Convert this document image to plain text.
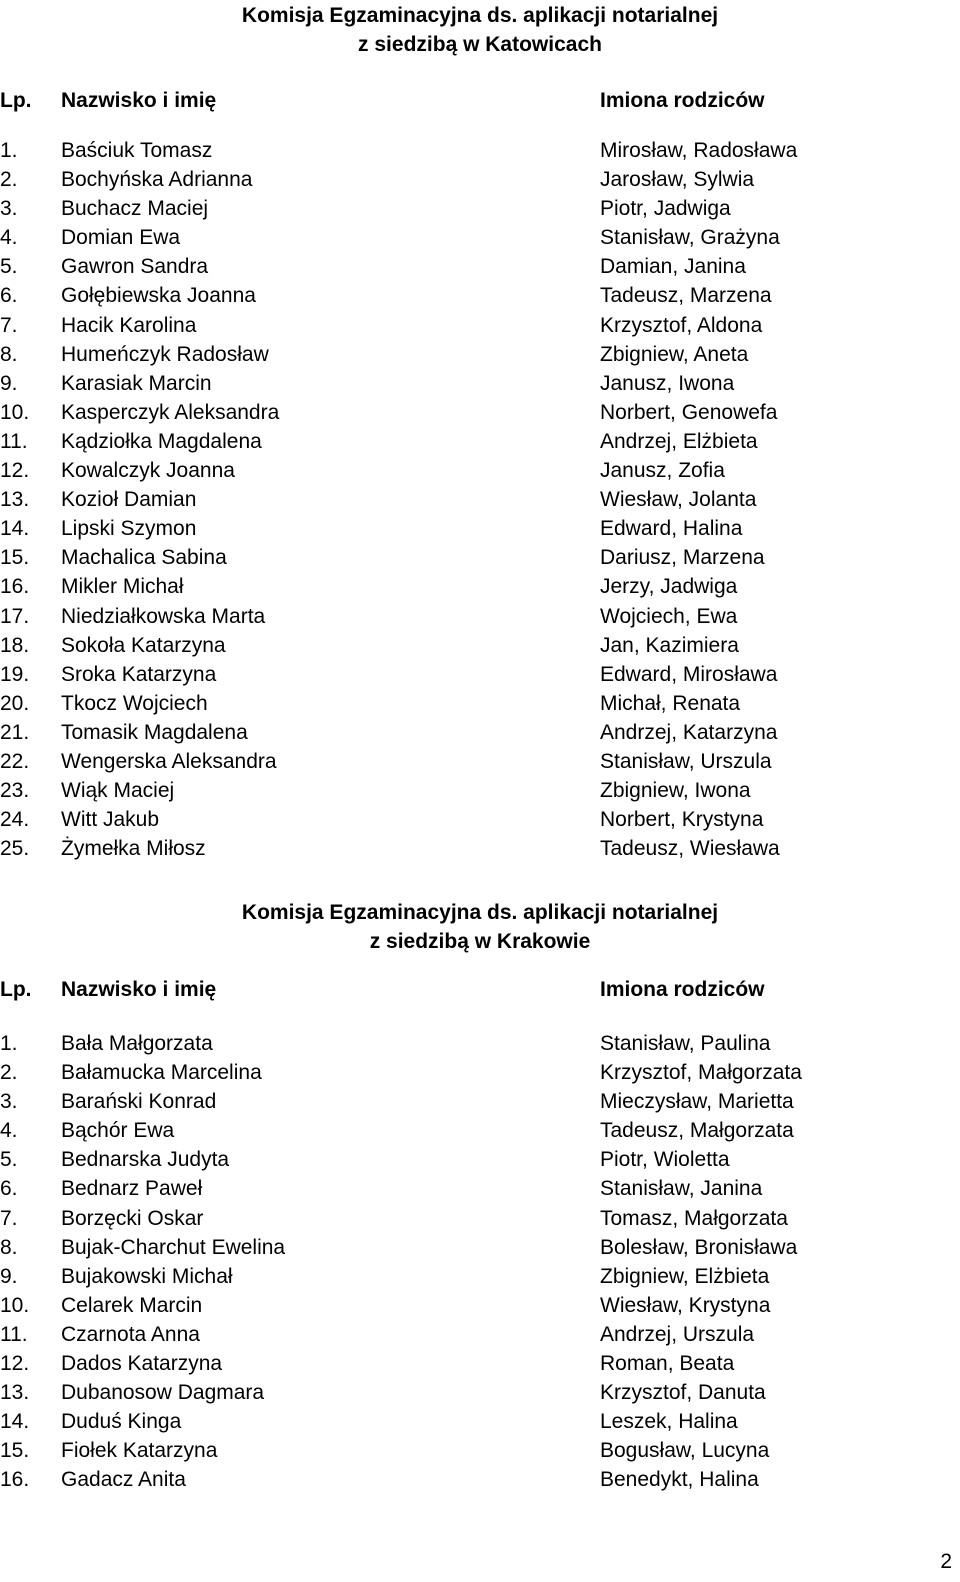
Komisja Egzaminacyjna ds. aplikacji notarialnej
z siedzibą w Katowicach
Lp.	Nazwisko i imię	Imiona rodziców
1.	Baściuk Tomasz	Mirosław, Radosława
2.	Bochyńska Adrianna	Jarosław, Sylwia
3.	Buchacz Maciej	Piotr, Jadwiga
4.	Domian Ewa	Stanisław, Grażyna
5.	Gawron Sandra	Damian, Janina
6.	Gołębiewska Joanna	Tadeusz, Marzena
7.	Hacik Karolina	Krzysztof, Aldona
8.	Humeńczyk Radosław	Zbigniew, Aneta
9.	Karasiak Marcin	Janusz, Iwona
10.	Kasperczyk Aleksandra	Norbert, Genowefa
11.	Kądziołka Magdalena	Andrzej, Elżbieta
12.	Kowalczyk Joanna	Janusz, Zofia
13.	Kozioł Damian	Wiesław, Jolanta
14.	Lipski Szymon	Edward, Halina
15.	Machalica Sabina	Dariusz, Marzena
16.	Mikler Michał	Jerzy, Jadwiga
17.	Niedziałkowska Marta	Wojciech, Ewa
18.	Sokoła Katarzyna	Jan, Kazimiera
19.	Sroka Katarzyna	Edward, Mirosława
20.	Tkocz Wojciech	Michał, Renata
21.	Tomasik Magdalena	Andrzej, Katarzyna
22.	Wengerska Aleksandra	Stanisław, Urszula
23.	Wiąk Maciej	Zbigniew, Iwona
24.	Witt Jakub	Norbert, Krystyna
25.	Żymełka Miłosz	Tadeusz, Wiesława
Komisja Egzaminacyjna ds. aplikacji notarialnej
z siedzibą w Krakowie
Lp.	Nazwisko i imię	Imiona rodziców
1.	Bała Małgorzata	Stanisław, Paulina
2.	Bałamucka Marcelina	Krzysztof, Małgorzata
3.	Barański Konrad	Mieczysław, Marietta
4.	Bąchór Ewa	Tadeusz, Małgorzata
5.	Bednarska Judyta	Piotr, Wioletta
6.	Bednarz Paweł	Stanisław, Janina
7.	Borzęcki Oskar	Tomasz, Małgorzata
8.	Bujak-Charchut Ewelina	Bolesław, Bronisława
9.	Bujakowski Michał	Zbigniew, Elżbieta
10.	Celarek Marcin	Wiesław, Krystyna
11.	Czarnota Anna	Andrzej, Urszula
12.	Dados Katarzyna	Roman, Beata
13.	Dubanosow Dagmara	Krzysztof, Danuta
14.	Duduś Kinga	Leszek, Halina
15.	Fiołek Katarzyna	Bogusław, Lucyna
16.	Gadacz Anita	Benedykt, Halina
2
